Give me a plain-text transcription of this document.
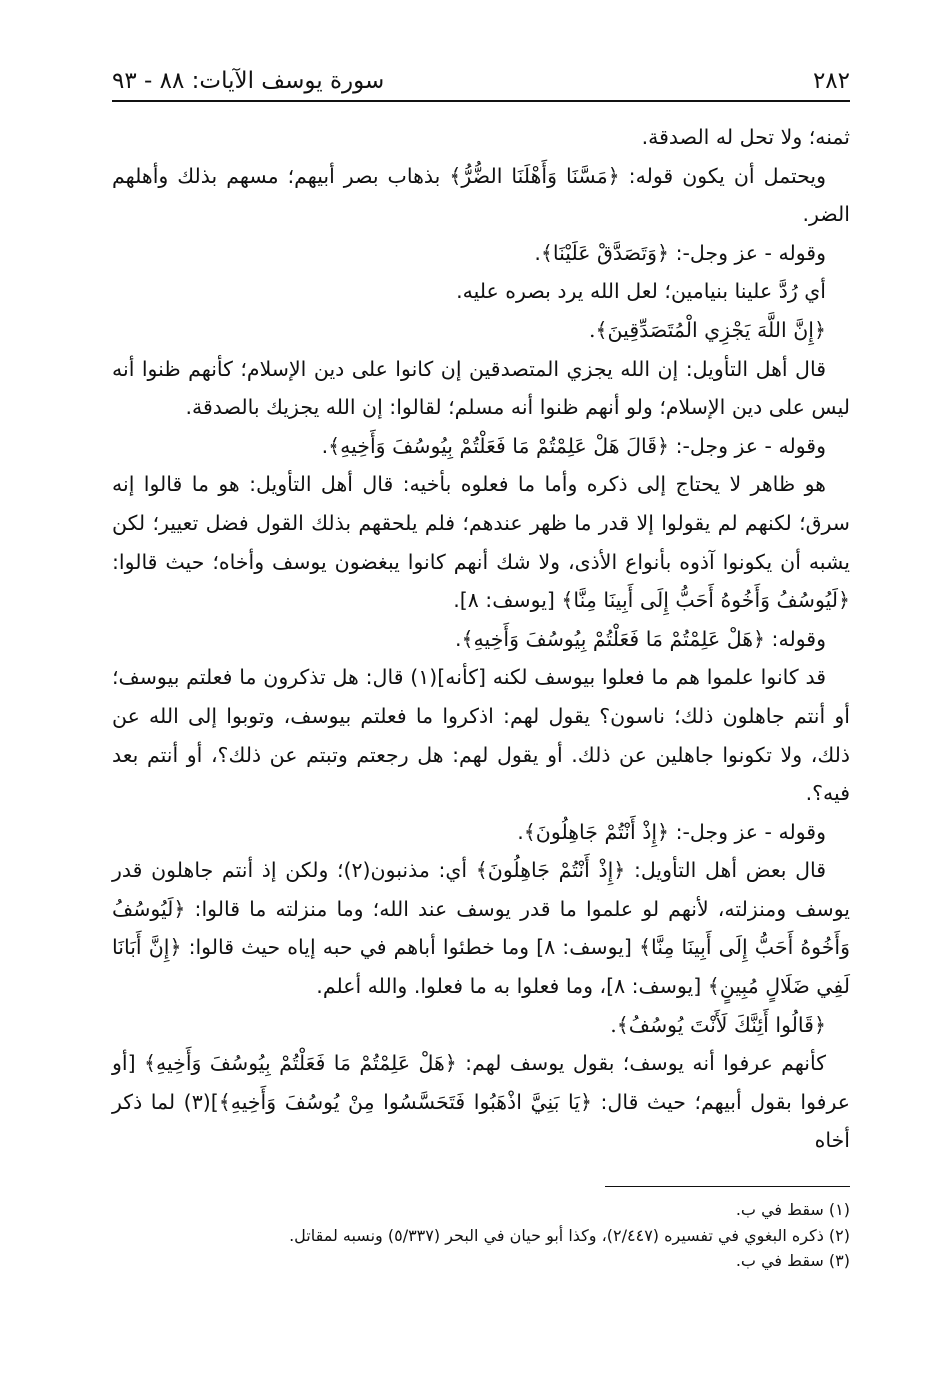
٢٨٢
سورة يوسف الآيات: ٨٨ - ٩٣

ثمنه؛ ولا تحل له الصدقة.

ويحتمل أن يكون قوله: ﴿مَسَّنَا وَأَهْلَنَا الضُّرُّ﴾ بذهاب بصر أبيهم؛ مسهم بذلك وأهلهم الضر.

وقوله - عز وجل-: ﴿وَتَصَدَّقْ عَلَيْنَا﴾.

أي رُدَّ علينا بنيامين؛ لعل الله يرد بصره عليه.

﴿إِنَّ اللَّهَ يَجْزِي الْمُتَصَدِّقِينَ﴾.

قال أهل التأويل: إن الله يجزي المتصدقين إن كانوا على دين الإسلام؛ كأنهم ظنوا أنه ليس على دين الإسلام؛ ولو أنهم ظنوا أنه مسلم؛ لقالوا: إن الله يجزيك بالصدقة.

وقوله - عز وجل-: ﴿قَالَ هَلْ عَلِمْتُمْ مَا فَعَلْتُمْ بِيُوسُفَ وَأَخِيهِ﴾.

هو ظاهر لا يحتاج إلى ذكره وأما ما فعلوه بأخيه: قال أهل التأويل: هو ما قالوا إنه سرق؛ لكنهم لم يقولوا إلا قدر ما ظهر عندهم؛ فلم يلحقهم بذلك القول فضل تعيير؛ لكن يشبه أن يكونوا آذوه بأنواع الأذى، ولا شك أنهم كانوا يبغضون يوسف وأخاه؛ حيث قالوا: ﴿لَيُوسُفُ وَأَخُوهُ أَحَبُّ إِلَى أَبِينَا مِنَّا﴾ [يوسف: ٨].

وقوله: ﴿هَلْ عَلِمْتُمْ مَا فَعَلْتُمْ بِيُوسُفَ وَأَخِيهِ﴾.

قد كانوا علموا هم ما فعلوا بيوسف لكنه [كأنه](١) قال: هل تذكرون ما فعلتم بيوسف؛ أو أنتم جاهلون ذلك؛ ناسون؟ يقول لهم: اذكروا ما فعلتم بيوسف، وتوبوا إلى الله عن ذلك، ولا تكونوا جاهلين عن ذلك. أو يقول لهم: هل رجعتم وتبتم عن ذلك؟، أو أنتم بعد فيه؟.

وقوله - عز وجل-: ﴿إِذْ أَنْتُمْ جَاهِلُونَ﴾.

قال بعض أهل التأويل: ﴿إِذْ أَنْتُمْ جَاهِلُونَ﴾ أي: مذنبون(٢)؛ ولكن إذ أنتم جاهلون قدر يوسف ومنزلته، لأنهم لو علموا ما قدر يوسف عند الله؛ وما منزلته ما قالوا: ﴿لَيُوسُفُ وَأَخُوهُ أَحَبُّ إِلَى أَبِينَا مِنَّا﴾ [يوسف: ٨] وما خطئوا أباهم في حبه إياه حيث قالوا: ﴿إِنَّ أَبَانَا لَفِي ضَلَالٍ مُبِينٍ﴾ [يوسف: ٨]، وما فعلوا به ما فعلوا. والله أعلم.

﴿قَالُوا أَئِنَّكَ لَأَنْتَ يُوسُفُ﴾.

كأنهم عرفوا أنه يوسف؛ بقول يوسف لهم: ﴿هَلْ عَلِمْتُمْ مَا فَعَلْتُمْ بِيُوسُفَ وَأَخِيهِ﴾ [أو عرفوا بقول أبيهم؛ حيث قال: ﴿يَا بَنِيَّ اذْهَبُوا فَتَحَسَّسُوا مِنْ يُوسُفَ وَأَخِيهِ﴾](٣) لما ذكر أخاه

(١) سقط في ب.
(٢) ذكره البغوي في تفسيره (٢/٤٤٧)، وكذا أبو حيان في البحر (٥/٣٣٧) ونسبه لمقاتل.
(٣) سقط في ب.
